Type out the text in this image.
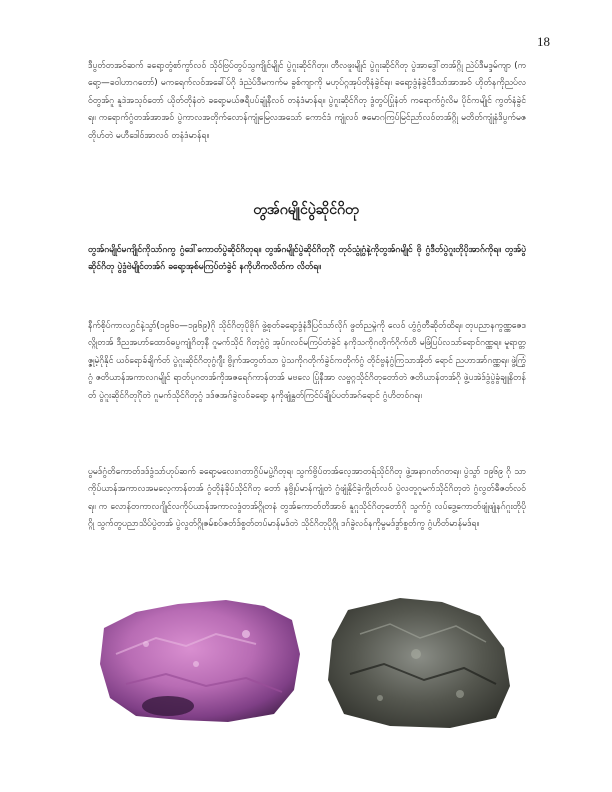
18

ဒီပွတ်တအဝ်ဆက် ခရော့တွံစာ်ကွာ်လဝ် သိုဝ်ဗြပ်တွပ်သွကျိုင်မျိုင် ပွဲဂူးဆိုင်ဂိတု။ တီလဖူးမျိုင် ပွဲဂူးဆိုင်ဂိတု ပွဲအာဒွေါ်တအ်ဂ္ဂို ညဲပ်ဒီမဒ္ဒမ်ကျာ (ကရော့—ခဝါဟာဂတော်) မကရေက်လဝ်အခေါ်ပ်ဂို ဒံညဲပ်ဒီမကက်မ ခွစ်ကျာကို မဟုပ်ဂ္ဂအုပ်တိုနံခွဲင်ရ။ ခရော့ဒွံနံခွဲင်ဒီသာ်အာအဝ် ဟိုတ်နကိုညပ်လဝ်တွအ်ဂူ နူဒဲအသုဝ်တော် ယိုတ်တိုနံတဲ ခရော့မယ်ဇရီပပ်ချုံနီလဝ် တနံဒံမာန်ရ။ ပွဲဂူးဆိုင်ဂိတု ဒွံတွပ်ပြုံနံတ် ကရောက်ဂွံလိမ ပိုင်ကမျိုင် ကွတ်နံခွဲင်ရ။ ကရောက်ဂွံတအ်အာအဝ် ပွဲကာလအတိုက်လောန်ကျုံမြေလအသော် ကောင်ဒံ ကျုံလဝ် ဇမောဂကြပ်မြင်ညာ်လဝ်တအ်ဂ္ဂို မတိတ်ကျုံနံဒိပွက်မဇတိုဟ်တဲ မဟီဒေါဝ်အာလဝ် တနံဒံမာန်ရ။

တွအ်ဂမျိုင်ပွဲဆိုင်ဂိတု

တွအ်ဂမျိုင်မကျိုင်ကိုသာ်ဂကွ ဂွံဒေါ်ကောတ်ပွဲဆိုင်ဂိတုရ။ တွအ်ဂမျိုင်ပွဲဆိုင်ဂိတုဂိုံ တုဝ်သွုံဂွံနဲ့ကိုတွအ်ဂမျိုင် ဗို ဂွံဒီတ်ပွဲဂူးတိုပိုအာဂ်ကိုရ။ တွအ်ပွဲဆိုင်ဂိတု ပွဲဒွံဗဲမျိုင်တအ်ဂ် ခရော့အုစ်မကြပ်တံခွဲင် နကိုဟိကလိတ်က လိတ်ရ။

နီက်စိုပ်ကာလဂွှင်နဲ့သွာ်(၁၉၆၀—၁၉၆၉)ဂို သိုင်ဂိတုပိုဗိုဂ် ဖွဲ့စုတ်ခရော့ဒွံနံဒီပြင်သာ်လိုဂ် ဖွတ်ညမ္ဂဲကို လေဝ် ဟွံဂွံတီဆိုတ်ထိရ။ တုပညာနကွဏ္ဏဇေဒလ္ဂိုတအ် ဒီညအဟာ်ထောဝ်ဓပွကျုံဂိတုနီ ဂူမက်သိုင် ဂိတုဂွံဂွဲ အုပ်ဂလင်မကြပ်တံခွဲင် နကိုသကိုဂတိုက်ဂိုက်တိ မဖြံပြပ်လသာ်ရောင်ဂဏ္ဏရ။ မူရာတ္တဇ္ဇုမဲ့ဂိုနိုင် ယဝ်ရောခ်ချိက်တ် ပွဲဂူးဆိုင်ဂိတုဂွံဂျီး ဗွိုက်အတွတ်သာ ပွဲသကိုဂတိုက်ခွဲင်ကတိုက်ဂွံ တိုင်ဗွနံဂွံကြသာအိုတ် ရောင် ညဟာအာ်ဂဏ္ဏရ။ ဖွဲ့ကြွံဂွံ ဇတိယာန်အကာလဂမျိုင် ရာတ်ပုဂတအ်ကိုအဇရေဂ်ကာန်တအ် မဗလေ ပြုံနီအာ လဗ္ဗဂ္ဂသိုင်ဂိတုတော်တဲ ဇတိယာန်တအ်ဂို ဖွဲ့ပအဲဒ်ဒွံပွဲခွံချူနိတန်တ် ပွဲဂူးဆိုင်ဂိတုဂိုံတဲ ဂူမက်သိုင်ဂိတုဂွံ ဒဒ်ဇအဂ်ခွဲလဝ်ခရော့ နကိုဖျုံနွတ်ကြင်ပ်ချိုပ်ပတ်အဂ်ရောင် ဂွံဟိတဝ်ဂရ။

ပွမဒ်ဂွံတိကောတ်ဒဒ်ဒွံသာ်ဟုပ်ဆက် ခရော့မလေးဂတာဂွိပ်မပွဲ့ဂိတုရ၊ သွက်ဗွိပ်တအ်လေ့အာတရ်သိုင်ဂိတု ဖွဲ့အနာဂတ်ဂတရ။ ပွဲသွာ် ၁၉၆၉ ဂို သာကိုပ်ယာန်အကာလအမလေ့ကာန်တအ် ဂွံတိုနံခိုပ်သိုင်ဂိတု တော် နဗွိုပ်မာန်ကျုံတဲ ဂွံဖျုံနိုင်ခဲ့ကွိုတ်လဝ် ပွဲလတူဂူမက်သိုင်ဂိတုတဲ ဂွံလွတ်ဓီဇတ်လဝ်ရ။ က လောန်တကာလဂျိုင်လကိုပ်ယာန်အကာလဒွံတအ်ဂ္ဂိုတနံ တွအ်ကောတ်တိအာဗ် နူဂူသိုင်ဂိတုတော်ဂို သွက်ဂွံ လပ်ဒွေ့ကောတ်ဖျုံဖျုံနဂ်ဂူးတိုပိုဂ္ဂို သွက်တွပညာသိပ်ပွဲတအ် ပွဲလွတ်ဂ္ဂိုဇမ်စပ်ဇတ်ဒ်စွတ်တပ်မာန်မဒ်တဲ သိုင်ဂိတုပိုဂ္ဂို ဒဂ်ခွဲလဝ်နကိုမွမဒ်ဒွာ်စွတ်ကွ ဂွံဟိတ်မာန်မဒ်ရ။
